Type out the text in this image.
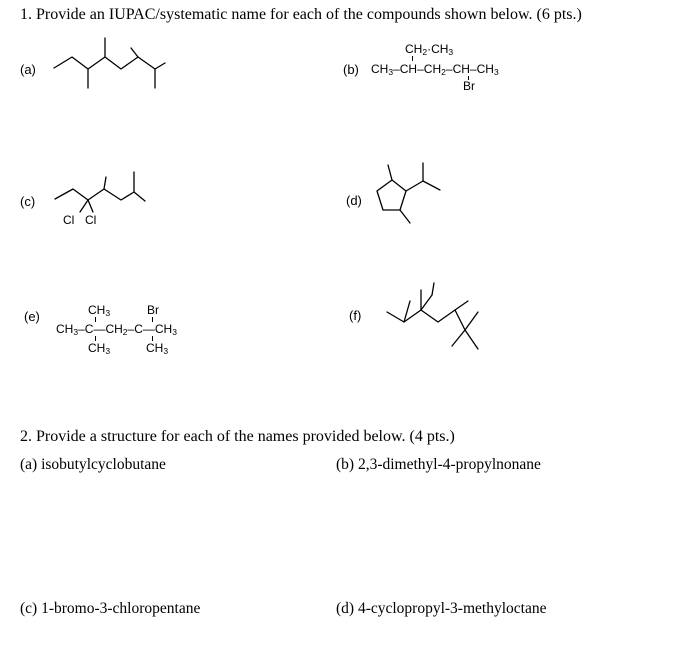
1. Provide an IUPAC/systematic name for each of the compounds shown below. (6 pts.)
(a)	(b)
$CH_2\cdot CH_3$
$CH_3-CH-CH_2-CH-CH_3$
Br
(c)
Cl Cl
(d)
(e)	$CH_3$	Br
$CH_3-C—CH_2-C—CH_3$
$CH_3$	$CH_3$
(f)
2. Provide a structure for each of the names provided below. (4 pts.)
(a) isobutylcyclobutane	(b) 2,3-dimethyl-4-propylnonane
(c) 1-bromo-3-chloropentane	(d) 4-cyclopropyl-3-methyloctane
